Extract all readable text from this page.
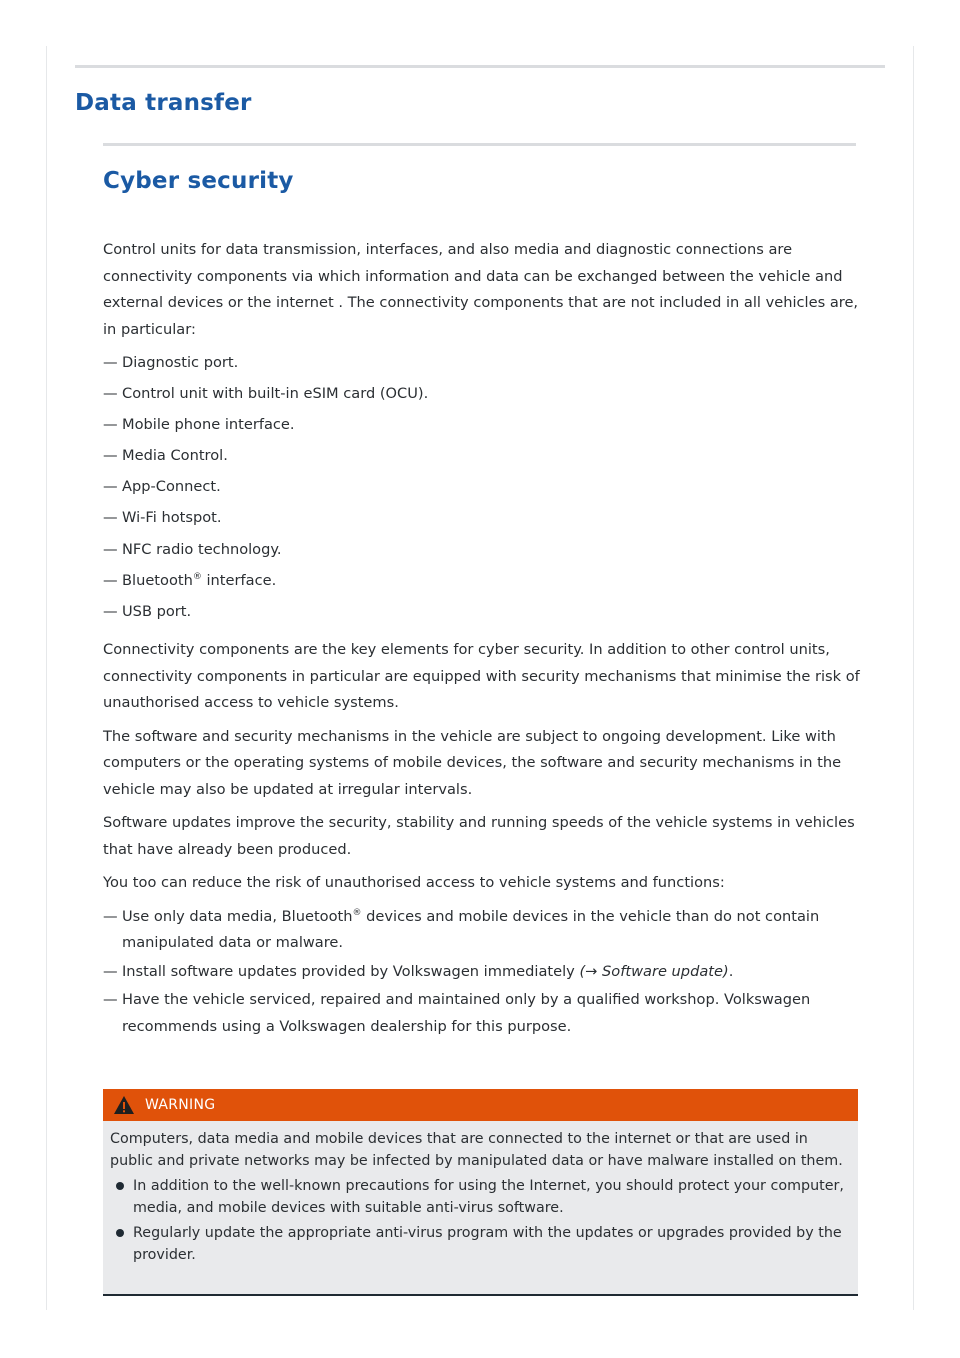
Data transfer
Cyber security

Control units for data transmission, interfaces, and also media and diagnostic connections are connectivity components via which information and data can be exchanged between the vehicle and external devices or the internet . The connectivity components that are not included in all vehicles are, in particular:

— Diagnostic port.
— Control unit with built-in eSIM card (OCU).
— Mobile phone interface.
— Media Control.
— App-Connect.
— Wi-Fi hotspot.
— NFC radio technology.
— Bluetooth® interface.
— USB port.

Connectivity components are the key elements for cyber security. In addition to other control units, connectivity components in particular are equipped with security mechanisms that minimise the risk of unauthorised access to vehicle systems.

The software and security mechanisms in the vehicle are subject to ongoing development. Like with computers or the operating systems of mobile devices, the software and security mechanisms in the vehicle may also be updated at irregular intervals.

Software updates improve the security, stability and running speeds of the vehicle systems in vehicles that have already been produced.

You too can reduce the risk of unauthorised access to vehicle systems and functions:

— Use only data media, Bluetooth® devices and mobile devices in the vehicle than do not contain manipulated data or malware.
— Install software updates provided by Volkswagen immediately (→ Software update).
— Have the vehicle serviced, repaired and maintained only by a qualified workshop. Volkswagen recommends using a Volkswagen dealership for this purpose.
WARNING

Computers, data media and mobile devices that are connected to the internet or that are used in public and private networks may be infected by manipulated data or have malware installed on them.

In addition to the well-known precautions for using the Internet, you should protect your computer, media, and mobile devices with suitable anti-virus software.
Regularly update the appropriate anti-virus program with the updates or upgrades provided by the provider.
